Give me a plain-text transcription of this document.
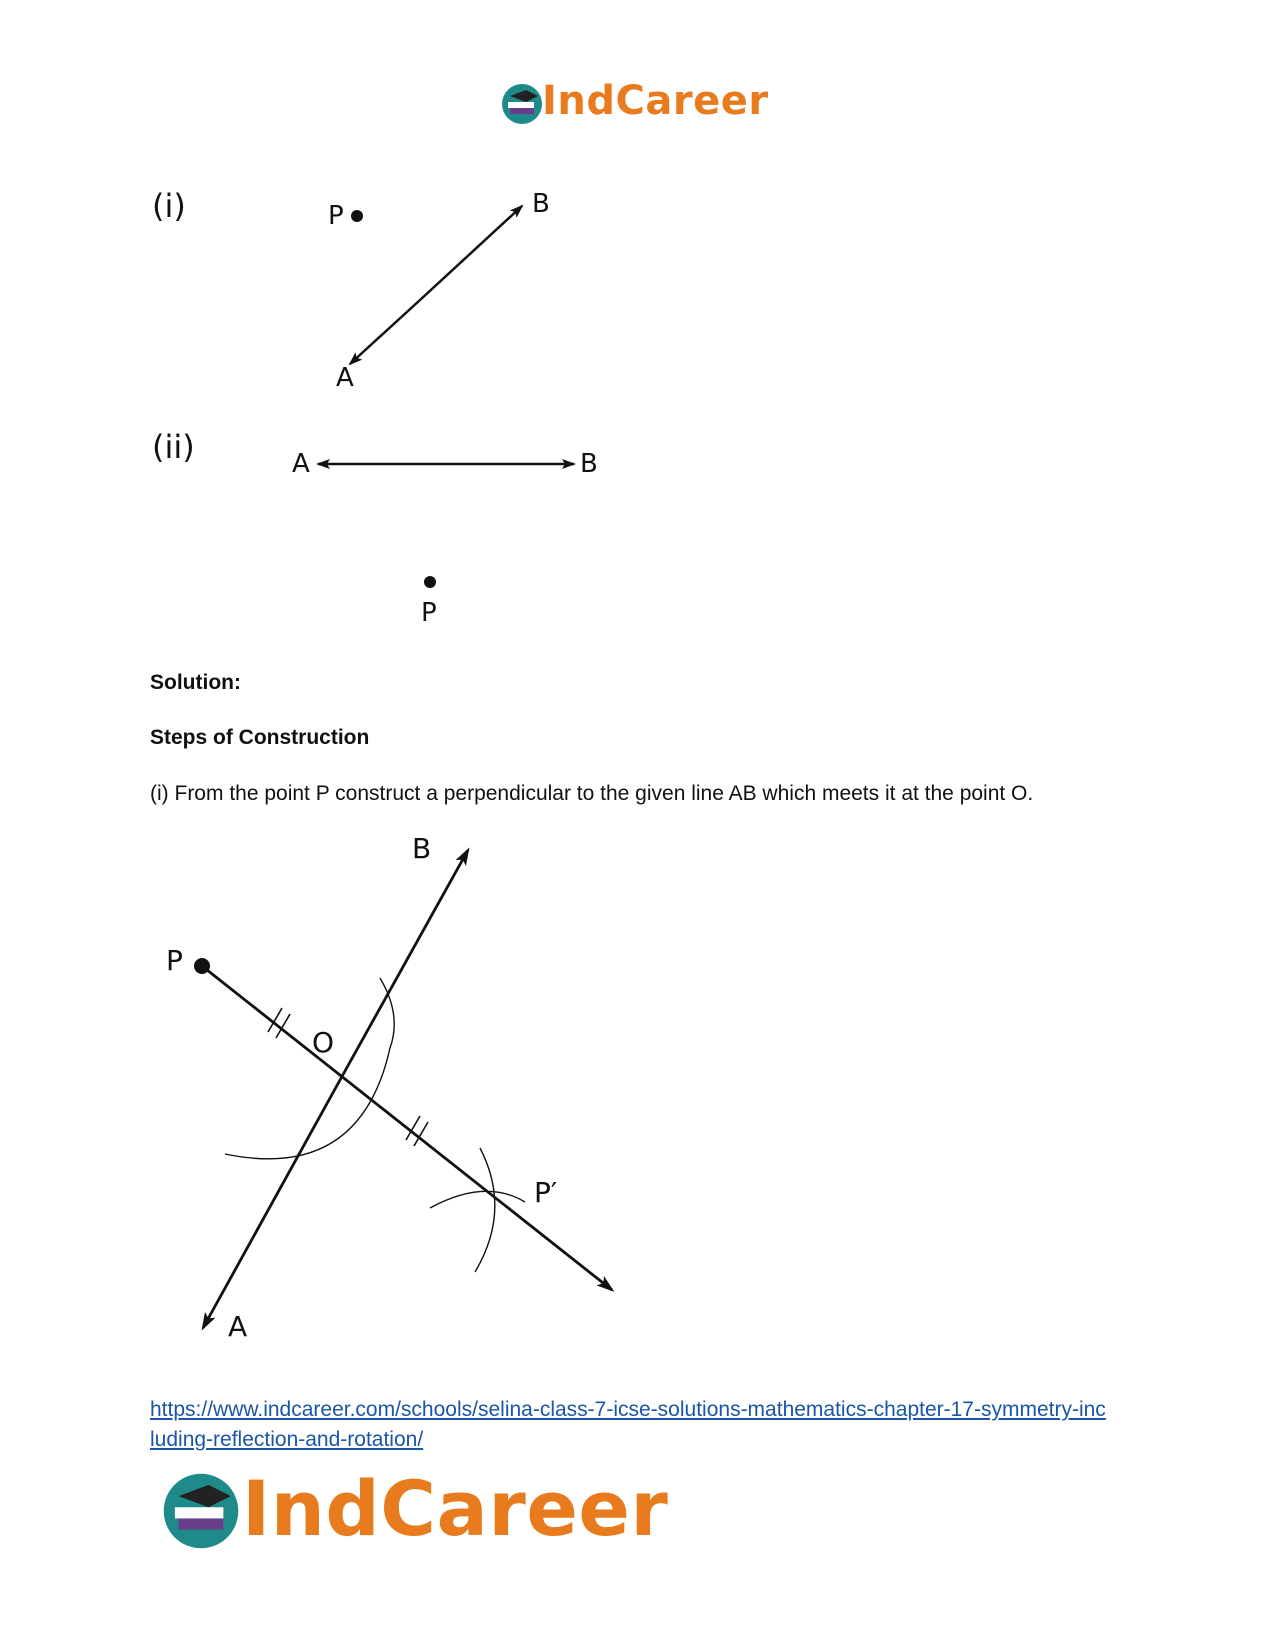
IndCareer
(i)	P	B
A
(ii)	A	B
P
Solution:
Steps of Construction
(i) From the point P construct a perpendicular to the given line AB which meets it at the point O.
B
P
O
P′
A
https://www.indcareer.com/schools/selina-class-7-icse-solutions-mathematics-chapter-17-symmetry-including-reflection-and-rotation/
IndCareer
